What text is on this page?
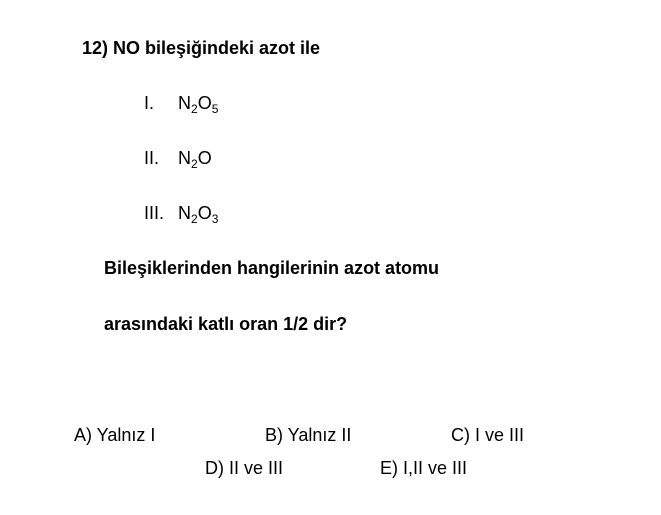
12) NO bileşiğindeki azot ile
I. $N_2O_5$
II. $N_2O$
III. $N_2O_3$
Bileşiklerinden hangilerinin azot atomu
arasındaki katlı oran 1/2 dir?
A) Yalnız I	B) Yalnız II	C) I ve III
D) II ve III	E) I,II ve III
